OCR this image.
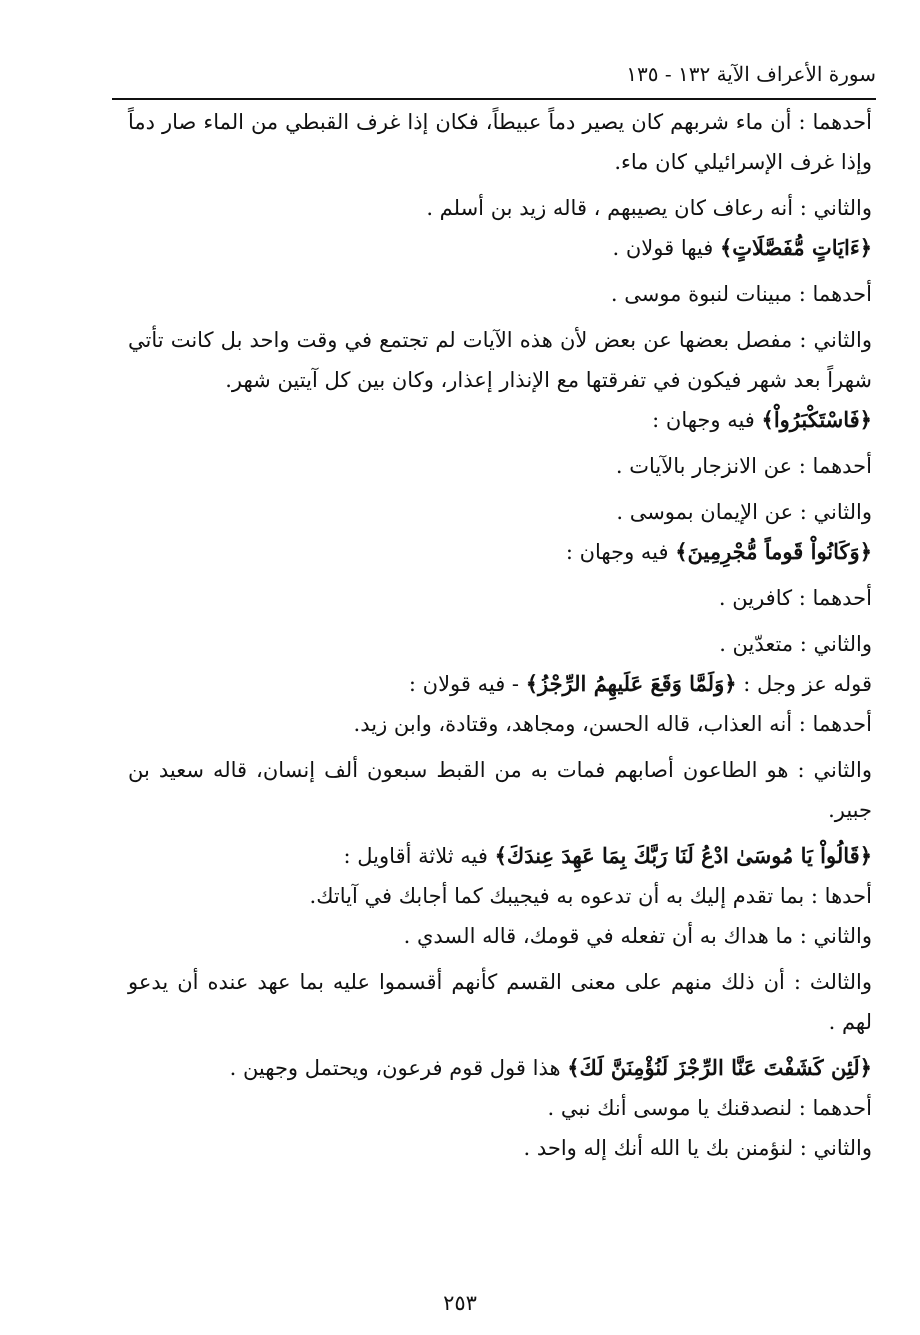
سورة الأعراف الآية ١٣٢ - ١٣٥

أحدهما : أن ماء شربهم كان يصير دماً عبيطاً، فكان إذا غرف القبطي من الماء صار دماً وإذا غرف الإسرائيلي كان ماء.

والثاني : أنه رعاف كان يصيبهم ، قاله زيد بن أسلم .

﴿ءَايَاتٍ مُّفَصَّلَاتٍ﴾ فيها قولان .

أحدهما : مبينات لنبوة موسى .

والثاني : مفصل بعضها عن بعض لأن هذه الآيات لم تجتمع في وقت واحد بل كانت تأتي شهراً بعد شهر فيكون في تفرقتها مع الإنذار إعذار، وكان بين كل آيتين شهر.

﴿فَاسْتَكْبَرُواْ﴾ فيه وجهان :

أحدهما : عن الانزجار بالآيات .

والثاني : عن الإيمان بموسى .

﴿وَكَانُواْ قَوماً مُّجْرِمِينَ﴾ فيه وجهان :

أحدهما : كافرين .

والثاني : متعدّين .

قوله عز وجل : ﴿وَلَمَّا وَقَعَ عَلَيهِمُ الرِّجْزُ﴾ - فيه قولان :

أحدهما : أنه العذاب، قاله الحسن، ومجاهد، وقتادة، وابن زيد.

والثاني : هو الطاعون أصابهم فمات به من القبط سبعون ألف إنسان، قاله سعيد بن جبير.

﴿قَالُواْ يَا مُوسَىٰ ادْعُ لَنَا رَبَّكَ بِمَا عَهِدَ عِندَكَ﴾ فيه ثلاثة أقاويل :

أحدها : بما تقدم إليك به أن تدعوه به فيجيبك كما أجابك في آياتك.

والثاني : ما هداك به أن تفعله في قومك، قاله السدي .

والثالث : أن ذلك منهم على معنى القسم كأنهم أقسموا عليه بما عهد عنده أن يدعو لهم .

﴿لَئِن كَشَفْتَ عَنَّا الرِّجْزَ لَنُؤْمِنَنَّ لَكَ﴾ هذا قول قوم فرعون، ويحتمل وجهين .

أحدهما : لنصدقنك يا موسى أنك نبي .

والثاني : لنؤمنن بك يا الله أنك إله واحد .

٢٥٣
